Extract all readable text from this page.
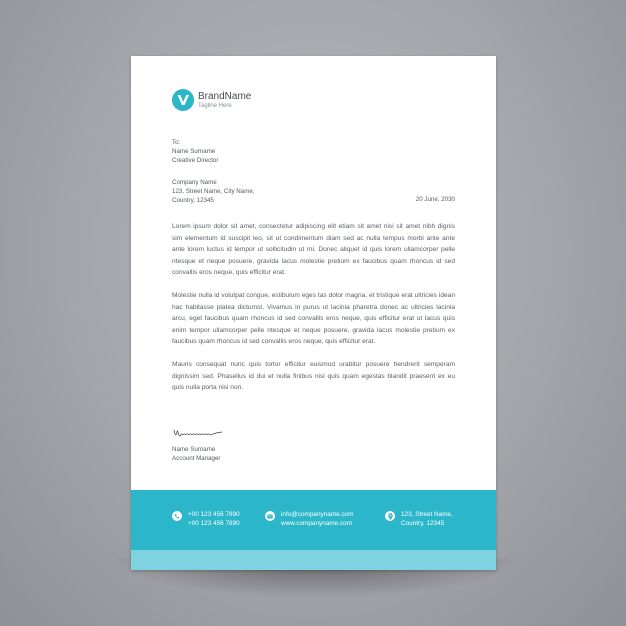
BrandName
Tagline Here
To:
Name Surname
Creative Director
Company Name
123, Street Name, City Name,
Country, 12345	20 June, 2030

Lorem ipsum dolor sit amet, consectetur adipiscing elit etiam sit amet nisi sit amet nibh dignis sim elementum id suscipit leo, sit ut condimentum diam sed ac nulla tempus morbi ante ante ante lorem luctus id tempor ut sollicitudin ut mi. Donec aliquet id quis lorem ullamcorper pelle ntesque et neque posuere, gravida lacus molestie pretium ex faucibus quam rhoncus id sed convallis eros neque, quis efficitur erat.

Molestie nulla id volutpat congue, estibulum eges tas dolor magna, et tristique erat ultricies idean hac habitasse platea dictumst. Vivamus in purus ut lacinia pharetra donec ac ultricies lacinia arcu, eget faucibus quam rhoncus id sed convallis eros neque, quis efficitur erat ut lacus quis enim tempor ullamcorper pelle ntesque et neque posuere, gravida lacus molestie pretium ex faucibus quam rhoncus id sed convallis eros neque, quis efficitur erat.

Mauris consequat nunc quis tortor efficitur euismod urabitur posuere hendrerit semperam dignissim sed. Phasellus id dui et nulla finibus nisl quis quam egestas blandit praesent ex eu quis nulla porta nisi non.

Name Surname
Account Manager
+00 123 456 7890
+00 123 456 7890
info@companyname.com
www.companyname.com
123, Street Name,
Country, 12345
